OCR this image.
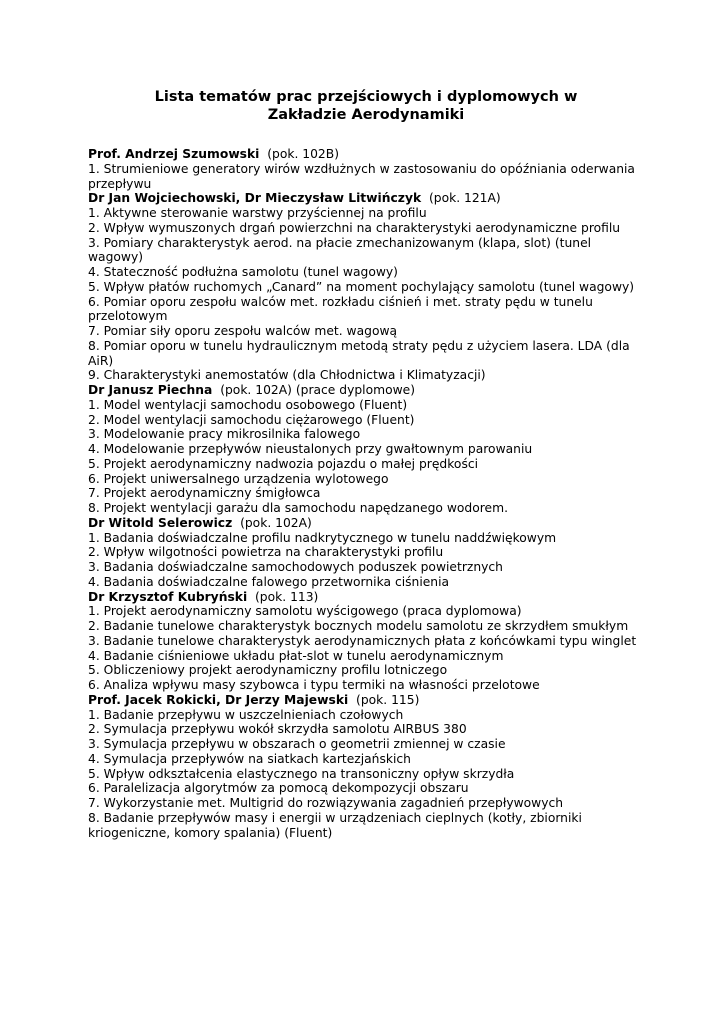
Lista tematów prac przejściowych i dyplomowych w
Zakładzie Aerodynamiki
Prof. Andrzej Szumowski (pok. 102B)
1. Strumieniowe generatory wirów wzdłużnych w zastosowaniu do opóźniania oderwania przepływu
Dr Jan Wojciechowski, Dr Mieczysław Litwińczyk (pok. 121A)
1. Aktywne sterowanie warstwy przyściennej na profilu
2. Wpływ wymuszonych drgań powierzchni na charakterystyki aerodynamiczne profilu
3. Pomiary charakterystyk aerod. na płacie zmechanizowanym (klapa, slot) (tunel wagowy)
4. Stateczność podłużna samolotu (tunel wagowy)
5. Wpływ płatów ruchomych „Canard” na moment pochylający samolotu (tunel wagowy)
6. Pomiar oporu zespołu walców met. rozkładu ciśnień i met. straty pędu w tunelu przelotowym
7. Pomiar siły oporu zespołu walców met. wagową
8. Pomiar oporu w tunelu hydraulicznym metodą straty pędu z użyciem lasera. LDA (dla AiR)
9. Charakterystyki anemostatów (dla Chłodnictwa i Klimatyzacji)
Dr Janusz Piechna (pok. 102A) (prace dyplomowe)
1. Model wentylacji samochodu osobowego (Fluent)
2. Model wentylacji samochodu ciężarowego (Fluent)
3. Modelowanie pracy mikrosilnika falowego
4. Modelowanie przepływów nieustalonych przy gwałtownym parowaniu
5. Projekt aerodynamiczny nadwozia pojazdu o małej prędkości
6. Projekt uniwersalnego urządzenia wylotowego
7. Projekt aerodynamiczny śmigłowca
8. Projekt wentylacji garażu dla samochodu napędzanego wodorem.
Dr Witold Selerowicz (pok. 102A)
1. Badania doświadczalne profilu nadkrytycznego w tunelu naddźwiękowym
2. Wpływ wilgotności powietrza na charakterystyki profilu
3. Badania doświadczalne samochodowych poduszek powietrznych
4. Badania doświadczalne falowego przetwornika ciśnienia
Dr Krzysztof Kubryński (pok. 113)
1. Projekt aerodynamiczny samolotu wyścigowego (praca dyplomowa)
2. Badanie tunelowe charakterystyk bocznych modelu samolotu ze skrzydłem smukłym
3. Badanie tunelowe charakterystyk aerodynamicznych płata z końcówkami typu winglet
4. Badanie ciśnieniowe układu płat-slot w tunelu aerodynamicznym
5. Obliczeniowy projekt aerodynamiczny profilu lotniczego
6. Analiza wpływu masy szybowca i typu termiki na własności przelotowe
Prof. Jacek Rokicki, Dr Jerzy Majewski (pok. 115)
1. Badanie przepływu w uszczelnieniach czołowych
2. Symulacja przepływu wokół skrzydła samolotu AIRBUS 380
3. Symulacja przepływu w obszarach o geometrii zmiennej w czasie
4. Symulacja przepływów na siatkach kartezjańskich
5. Wpływ odkształcenia elastycznego na transoniczny opływ skrzydła
6. Paralelizacja algorytmów za pomocą dekompozycji obszaru
7. Wykorzystanie met. Multigrid do rozwiązywania zagadnień przepływowych
8. Badanie przepływów masy i energii w urządzeniach cieplnych (kotły, zbiorniki kriogeniczne, komory spalania) (Fluent)
